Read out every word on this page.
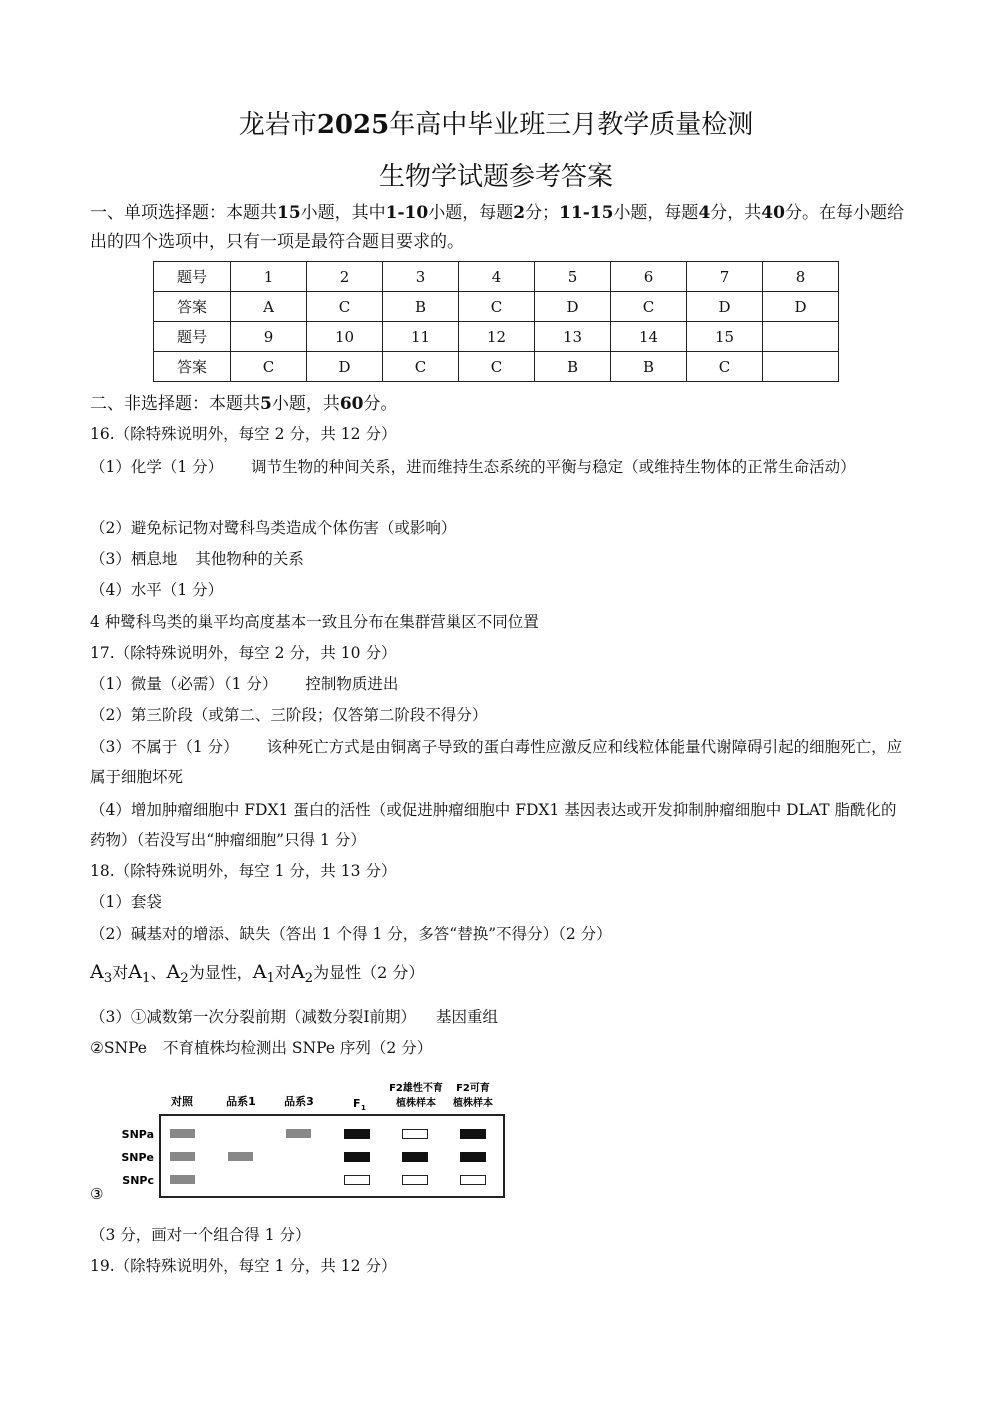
龙岩市2025年高中毕业班三月教学质量检测
生物学试题参考答案
一、单项选择题：本题共15小题，其中1-10小题，每题2分；11-15小题，每题4分，共40分。在每小题给出的四个选项中，只有一项是最符合题目要求的。
题号	1	2	3	4	5	6	7	8
答案	A	C	B	C	D	C	D	D
题号	9	10	11	12	13	14	15	
答案	C	D	C	C	B	B	C	
二、非选择题：本题共5小题，共60分。
16.（除特殊说明外，每空 2 分，共 12 分）
（1）化学（1 分） 调节生物的种间关系，进而维持生态系统的平衡与稳定（或维持生物体的正常生命活动）
（2）避免标记物对鹭科鸟类造成个体伤害（或影响）
（3）栖息地 其他物种的关系
（4）水平（1 分）
4 种鹭科鸟类的巢平均高度基本一致且分布在集群营巢区不同位置
17.（除特殊说明外，每空 2 分，共 10 分）
（1）微量（必需）（1 分） 控制物质进出
（2）第三阶段（或第二、三阶段；仅答第二阶段不得分）
（3）不属于（1 分） 该种死亡方式是由铜离子导致的蛋白毒性应激反应和线粒体能量代谢障碍引起的细胞死亡，应属于细胞坏死
（4）增加肿瘤细胞中 FDX1 蛋白的活性（或促进肿瘤细胞中 FDX1 基因表达或开发抑制肿瘤细胞中 DLAT 脂酰化的药物）（若没写出“肿瘤细胞”只得 1 分）
18.（除特殊说明外，每空 1 分，共 13 分）
（1）套袋
（2）碱基对的增添、缺失（答出 1 个得 1 分，多答“替换”不得分）（2 分）
$A_3$对$A_1$、$A_2$为显性，$A_1$对$A_2$为显性（2 分）
（3）①减数第一次分裂前期（减数分裂Ⅰ前期） 基因重组
②SNPe 不育植株均检测出 SNPe 序列（2 分）
对照	品系1	品系3	F 1
F2雄性不育
植株样本
F2可育
植株样本
SNPa
SNPe
SNPc
③
（3 分，画对一个组合得 1 分）
19.（除特殊说明外，每空 1 分，共 12 分）
